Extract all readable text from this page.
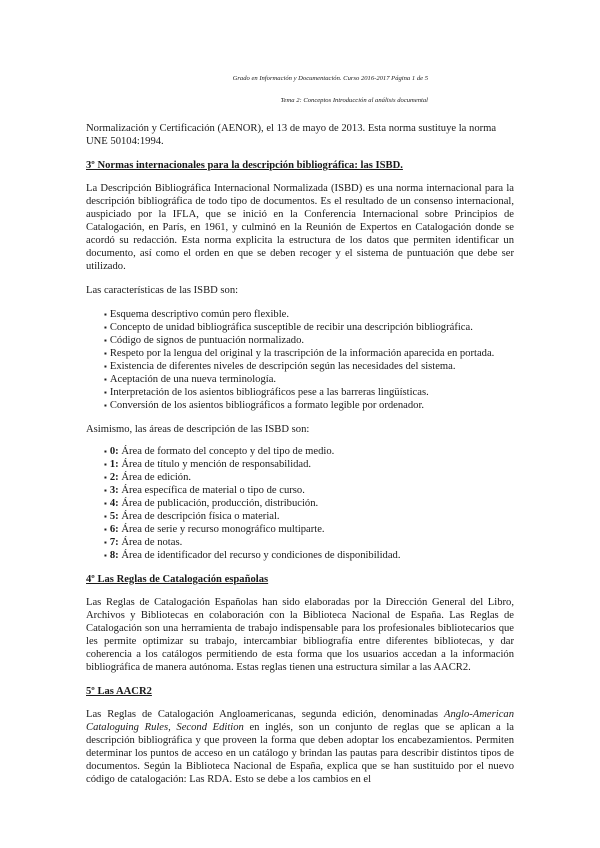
Grado en Información y Documentación. Curso 2016-2017 Página 1 de 5
Tema 2: Conceptos Introducción al análisis documental

Normalización y Certificación (AENOR), el 13 de mayo de 2013. Esta norma sustituye la norma UNE 50104:1994.

3º Normas internacionales para la descripción bibliográfica: las ISBD.

La Descripción Bibliográfica Internacional Normalizada (ISBD) es una norma internacional para la descripción bibliográfica de todo tipo de documentos. Es el resultado de un consenso internacional, auspiciado por la IFLA, que se inició en la Conferencia Internacional sobre Principios de Catalogación, en París, en 1961, y culminó en la Reunión de Expertos en Catalogación donde se acordó su redacción. Esta norma explicita la estructura de los datos que permiten identificar un documento, así como el orden en que se deben recoger y el sistema de puntuación que debe ser utilizado.

Las características de las ISBD son:

▪ Esquema descriptivo común pero flexible.
▪ Concepto de unidad bibliográfica susceptible de recibir una descripción bibliográfica.
▪ Código de signos de puntuación normalizado.
▪ Respeto por la lengua del original y la trascripción de la información aparecida en portada.
▪ Existencia de diferentes niveles de descripción según las necesidades del sistema.
▪ Aceptación de una nueva terminología.
▪ Interpretación de los asientos bibliográficos pese a las barreras lingüísticas.
▪ Conversión de los asientos bibliográficos a formato legible por ordenador.

Asimismo, las áreas de descripción de las ISBD son:

▪ 0: Área de formato del concepto y del tipo de medio.
▪ 1: Área de título y mención de responsabilidad.
▪ 2: Área de edición.
▪ 3: Área específica de material o tipo de curso.
▪ 4: Área de publicación, producción, distribución.
▪ 5: Área de descripción física o material.
▪ 6: Área de serie y recurso monográfico multiparte.
▪ 7: Área de notas.
▪ 8: Área de identificador del recurso y condiciones de disponibilidad.
4º Las Reglas de Catalogación españolas

Las Reglas de Catalogación Españolas han sido elaboradas por la Dirección General del Libro, Archivos y Bibliotecas en colaboración con la Biblioteca Nacional de España. Las Reglas de Catalogación son una herramienta de trabajo indispensable para los profesionales bibliotecarios que les permite optimizar su trabajo, intercambiar bibliografía entre diferentes bibliotecas, y dar coherencia a los catálogos permitiendo de esta forma que los usuarios accedan a la información bibliográfica de manera autónoma. Estas reglas tienen una estructura similar a las AACR2.

5º Las AACR2

Las Reglas de Catalogación Angloamericanas, segunda edición, denominadas Anglo-American Cataloguing Rules, Second Edition en inglés, son un conjunto de reglas que se aplican a la descripción bibliográfica y que proveen la forma que deben adoptar los encabezamientos. Permiten determinar los puntos de acceso en un catálogo y brindan las pautas para describir distintos tipos de documentos. Según la Biblioteca Nacional de España, explica que se han sustituido por el nuevo código de catalogación: Las RDA. Esto se debe a los cambios en el
